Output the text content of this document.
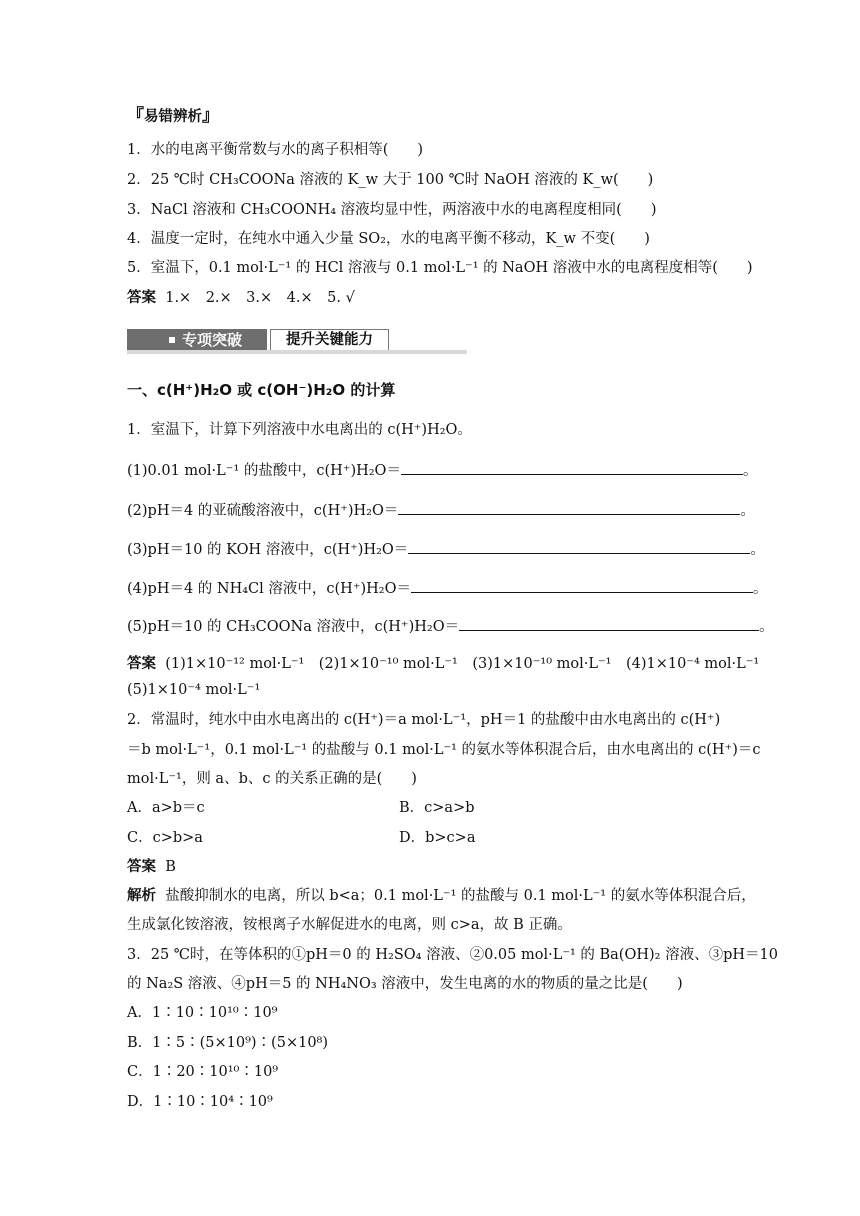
『易错辨析』
1．水的电离平衡常数与水的离子积相等(　　)
2．25 ℃时 CH₃COONa 溶液的 K_w 大于 100 ℃时 NaOH 溶液的 K_w(　　)
3．NaCl 溶液和 CH₃COONH₄ 溶液均显中性，两溶液中水的电离程度相同(　　)
4．温度一定时，在纯水中通入少量 SO₂，水的电离平衡不移动，K_w 不变(　　)
5．室温下，0.1 mol·L⁻¹ 的 HCl 溶液与 0.1 mol·L⁻¹ 的 NaOH 溶液中水的电离程度相等(　　)
答案 1.×　2.×　3.×　4.×　5. √
专项突破	提升关键能力
一、c(H⁺)H₂O 或 c(OH⁻)H₂O 的计算
1．室温下，计算下列溶液中水电离出的 c(H⁺)H₂O。
(1)0.01 mol·L⁻¹ 的盐酸中，c(H⁺)H₂O＝	。
(2)pH＝4 的亚硫酸溶液中，c(H⁺)H₂O＝	。
(3)pH＝10 的 KOH 溶液中，c(H⁺)H₂O＝	。
(4)pH＝4 的 NH₄Cl 溶液中，c(H⁺)H₂O＝	。
(5)pH＝10 的 CH₃COONa 溶液中，c(H⁺)H₂O＝	。
答案 (1)1×10⁻¹² mol·L⁻¹　(2)1×10⁻¹⁰ mol·L⁻¹　(3)1×10⁻¹⁰ mol·L⁻¹　(4)1×10⁻⁴ mol·L⁻¹
(5)1×10⁻⁴ mol·L⁻¹
2．常温时，纯水中由水电离出的 c(H⁺)＝a mol·L⁻¹，pH＝1 的盐酸中由水电离出的 c(H⁺)
＝b mol·L⁻¹，0.1 mol·L⁻¹ 的盐酸与 0.1 mol·L⁻¹ 的氨水等体积混合后，由水电离出的 c(H⁺)＝c
mol·L⁻¹，则 a、b、c 的关系正确的是(　　)
A．a>b＝c	B．c>a>b
C．c>b>a	D．b>c>a
答案 B
解析 盐酸抑制水的电离，所以 b<a；0.1 mol·L⁻¹ 的盐酸与 0.1 mol·L⁻¹ 的氨水等体积混合后，
生成氯化铵溶液，铵根离子水解促进水的电离，则 c>a，故 B 正确。
3．25 ℃时，在等体积的①pH＝0 的 H₂SO₄ 溶液、②0.05 mol·L⁻¹ 的 Ba(OH)₂ 溶液、③pH＝10
的 Na₂S 溶液、④pH＝5 的 NH₄NO₃ 溶液中，发生电离的水的物质的量之比是(　　)
A．1∶10∶10¹⁰∶10⁹
B．1∶5∶(5×10⁹)∶(5×10⁸)
C．1∶20∶10¹⁰∶10⁹
D．1∶10∶10⁴∶10⁹
